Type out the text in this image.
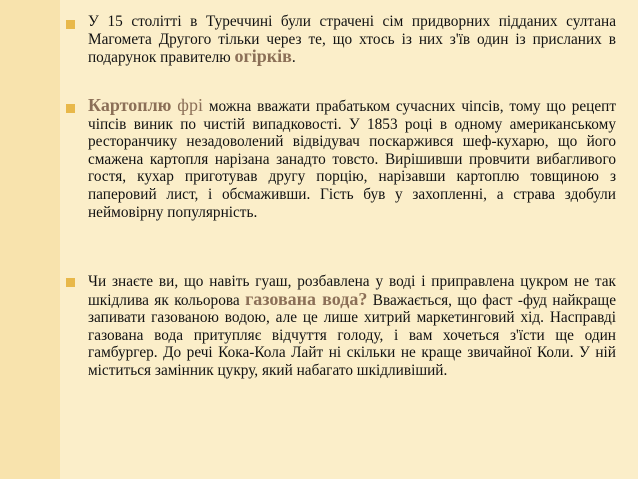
У 15 столітті в Туреччині були страчені сім придворних підданих султана Магомета Другого тільки через те, що хтось із них з'їв один із присланих в подарунок правителю огірків.

Картоплю фрі можна вважати прабатьком сучасних чіпсів, тому що рецепт чіпсів виник по чистій випадковості. У 1853 році в одному американському ресторанчику незадоволений відвідувач поскаржився шеф-кухарю, що його смажена картопля нарізана занадто товсто. Вирішивши провчити вибагливого гостя, кухар приготував другу порцію, нарізавши картоплю товщиною з паперовий лист, і обсмаживши. Гість був у захопленні, а страва здобули неймовірну популярність.

Чи знаєте ви, що навіть гуаш, розбавлена у воді і приправлена цукром не так шкідлива як кольорова газована вода? Вважається, що фаст -фуд найкраще запивати газованою водою, але це лише хитрий маркетинговий хід. Насправді газована вода притупляє відчуття голоду, і вам хочеться з'їсти ще один гамбургер. До речі Кока-Кола Лайт ні скільки не краще звичайної Коли. У ній міститься замінник цукру, який набагато шкідливіший.
